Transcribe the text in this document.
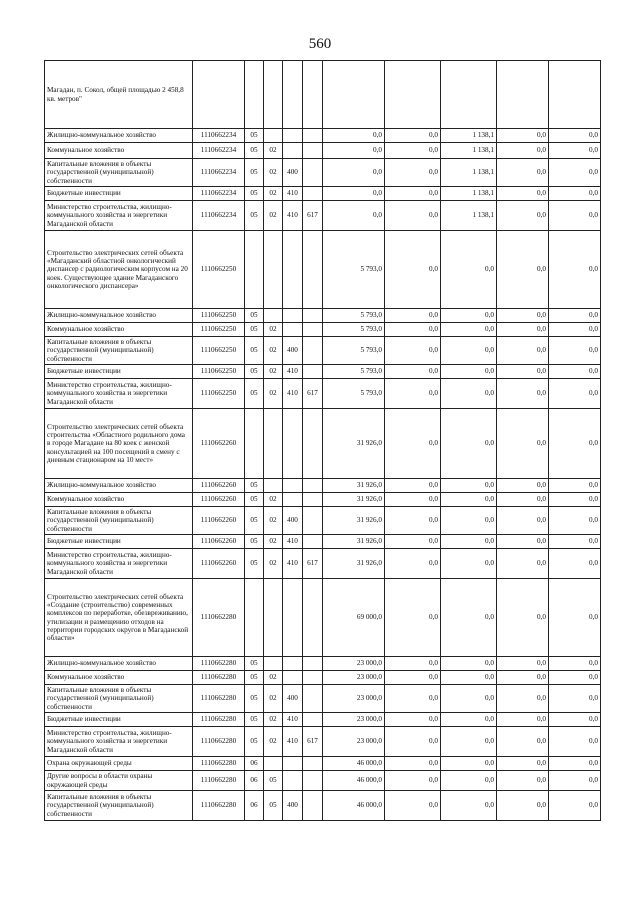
560
Магадан, п. Сокол, общей площадью 2 458,8 кв. метров"										
Жилищно-коммунальное хозяйство	1110662234	05				0,0	0,0	1 138,1	0,0	0,0
Коммунальное хозяйство	1110662234	05	02			0,0	0,0	1 138,1	0,0	0,0
Капитальные вложения в объекты государственной (муниципальной) собственности	1110662234	05	02	400		0,0	0,0	1 138,1	0,0	0,0
Бюджетные инвестиции	1110662234	05	02	410		0,0	0,0	1 138,1	0,0	0,0
Министерство строительства, жилищно-коммунального хозяйства и энергетики Магаданской области	1110662234	05	02	410	617	0,0	0,0	1 138,1	0,0	0,0
Строительство электрических сетей объекта «Магаданский областной онкологический диспансер с радиологическим корпусом на 20 коек. Существующее здание Магаданского онкологического диспансера»	1110662250					5 793,0	0,0	0,0	0,0	0,0
Жилищно-коммунальное хозяйство	1110662250	05				5 793,0	0,0	0,0	0,0	0,0
Коммунальное хозяйство	1110662250	05	02			5 793,0	0,0	0,0	0,0	0,0
Капитальные вложения в объекты государственной (муниципальной) собственности	1110662250	05	02	400		5 793,0	0,0	0,0	0,0	0,0
Бюджетные инвестиции	1110662250	05	02	410		5 793,0	0,0	0,0	0,0	0,0
Министерство строительства, жилищно-коммунального хозяйства и энергетики Магаданской области	1110662250	05	02	410	617	5 793,0	0,0	0,0	0,0	0,0
Строительство электрических сетей объекта строительства «Областного родильного дома в городе Магадане на 80 коек с женской консультацией на 100 посещений в смену с дневным стационаром на 10 мест»	1110662260					31 926,0	0,0	0,0	0,0	0,0
Жилищно-коммунальное хозяйство	1110662260	05				31 926,0	0,0	0,0	0,0	0,0
Коммунальное хозяйство	1110662260	05	02			31 926,0	0,0	0,0	0,0	0,0
Капитальные вложения в объекты государственной (муниципальной) собственности	1110662260	05	02	400		31 926,0	0,0	0,0	0,0	0,0
Бюджетные инвестиции	1110662260	05	02	410		31 926,0	0,0	0,0	0,0	0,0
Министерство строительства, жилищно-коммунального хозяйства и энергетики Магаданской области	1110662260	05	02	410	617	31 926,0	0,0	0,0	0,0	0,0
Строительство электрических сетей объекта «Создание (строительство) современных комплексов по переработке, обезвреживанию, утилизации и размещению отходов на территории городских округов в Магаданской области»	1110662280					69 000,0	0,0	0,0	0,0	0,0
Жилищно-коммунальное хозяйство	1110662280	05				23 000,0	0,0	0,0	0,0	0,0
Коммунальное хозяйство	1110662280	05	02			23 000,0	0,0	0,0	0,0	0,0
Капитальные вложения в объекты государственной (муниципальной) собственности	1110662280	05	02	400		23 000,0	0,0	0,0	0,0	0,0
Бюджетные инвестиции	1110662280	05	02	410		23 000,0	0,0	0,0	0,0	0,0
Министерство строительства, жилищно-коммунального хозяйства и энергетики Магаданской области	1110662280	05	02	410	617	23 000,0	0,0	0,0	0,0	0,0
Охрана окружающей среды	1110662280	06				46 000,0	0,0	0,0	0,0	0,0
Другие вопросы в области охраны окружающей среды	1110662280	06	05			46 000,0	0,0	0,0	0,0	0,0
Капитальные вложения в объекты государственной (муниципальной) собственности	1110662280	06	05	400		46 000,0	0,0	0,0	0,0	0,0
